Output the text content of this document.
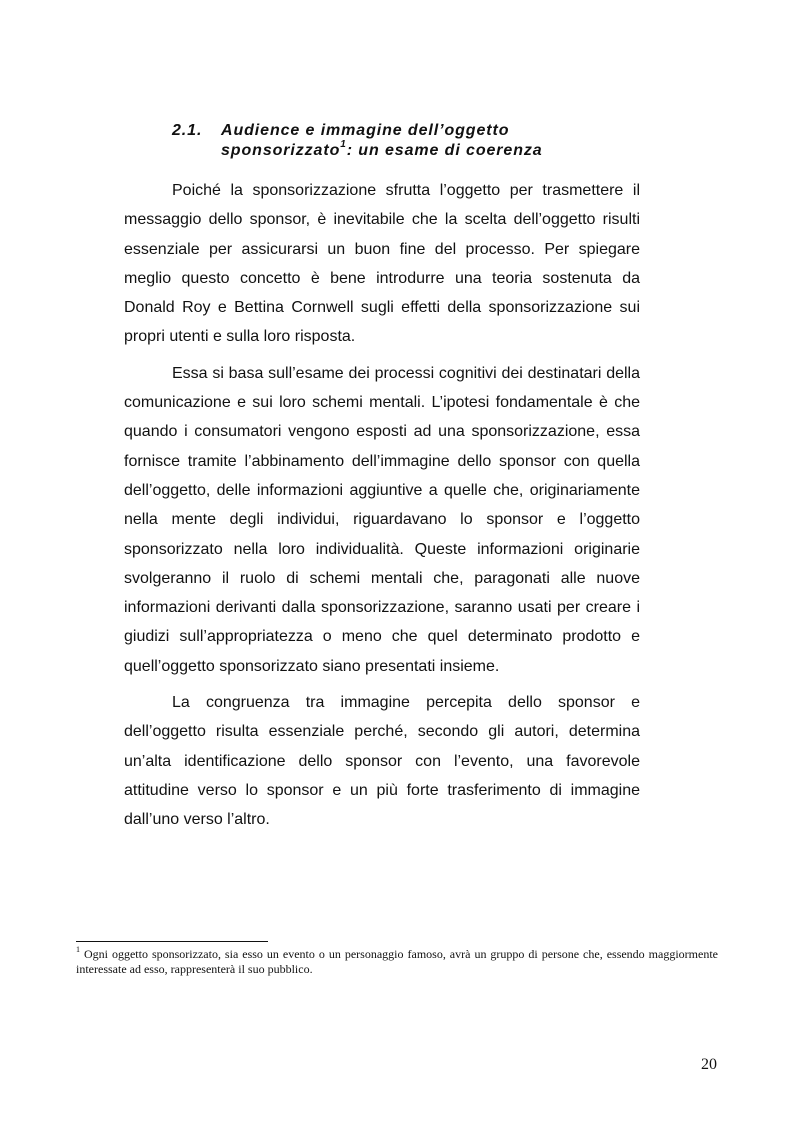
2.1. Audience e immagine dell’oggetto
sponsorizzato$^1$: un esame di coerenza

Poiché la sponsorizzazione sfrutta l’oggetto per trasmettere il messaggio dello sponsor, è inevitabile che la scelta dell’oggetto risulti essenziale per assicurarsi un buon fine del processo. Per spiegare meglio questo concetto è bene introdurre una teoria sostenuta da Donald Roy e Bettina Cornwell sugli effetti della sponsorizzazione sui propri utenti e sulla loro risposta.

Essa si basa sull’esame dei processi cognitivi dei destinatari della comunicazione e sui loro schemi mentali. L’ipotesi fondamentale è che quando i consumatori vengono esposti ad una sponsorizzazione, essa fornisce tramite l’abbinamento dell’immagine dello sponsor con quella dell’oggetto, delle informazioni aggiuntive a quelle che, originariamente nella mente degli individui, riguardavano lo sponsor e l’oggetto sponsorizzato nella loro individualità. Queste informazioni originarie svolgeranno il ruolo di schemi mentali che, paragonati alle nuove informazioni derivanti dalla sponsorizzazione, saranno usati per creare i giudizi sull’appropriatezza o meno che quel determinato prodotto e quell’oggetto sponsorizzato siano presentati insieme.

La congruenza tra immagine percepita dello sponsor e dell’oggetto risulta essenziale perché, secondo gli autori, determina un’alta identificazione dello sponsor con l’evento, una favorevole attitudine verso lo sponsor e un più forte trasferimento di immagine dall’uno verso l’altro.

$^1$ Ogni oggetto sponsorizzato, sia esso un evento o un personaggio famoso, avrà un gruppo di persone che, essendo maggiormente interessate ad esso, rappresenterà il suo pubblico.
20
